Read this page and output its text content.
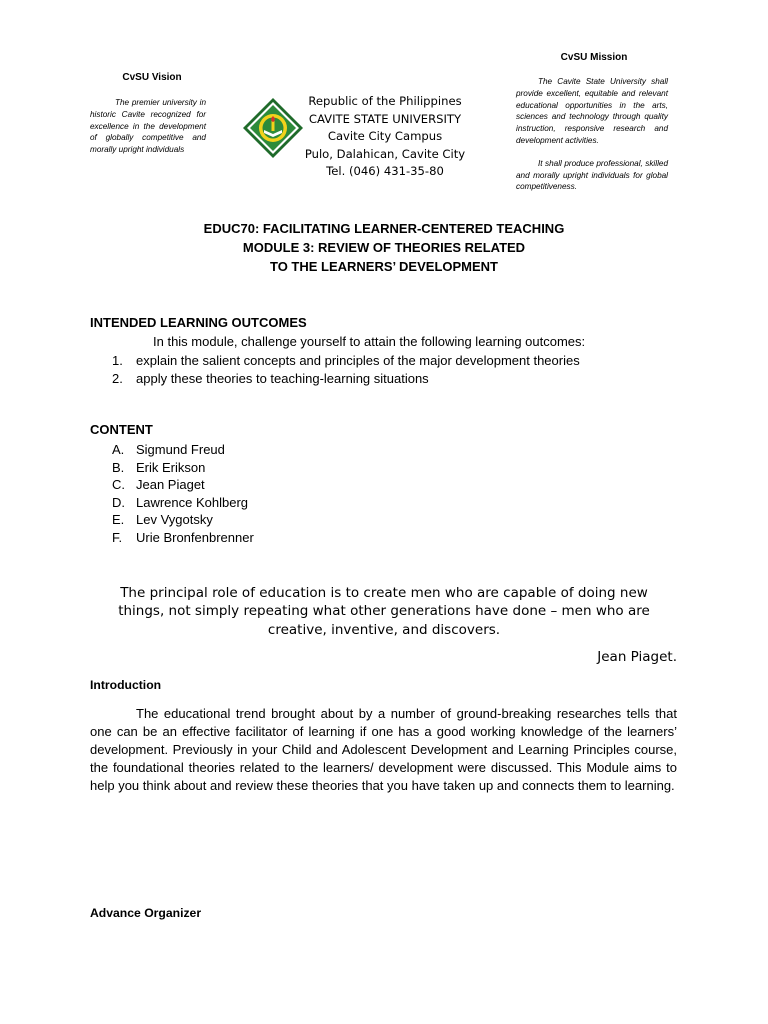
CvSU Vision
The premier university in historic Cavite recognized for excellence in the development of globally competitive and morally upright individuals
Republic of the Philippines
CAVITE STATE UNIVERSITY
Cavite City Campus
Pulo, Dalahican, Cavite City
Tel. (046) 431-35-80
CvSU Mission

The Cavite State University shall provide excellent, equitable and relevant educational opportunities in the arts, sciences and technology through quality instruction, responsive research and development activities.

It shall produce professional, skilled and morally upright individuals for global competitiveness.

EDUC70: FACILITATING LEARNER-CENTERED TEACHING
MODULE 3: REVIEW OF THEORIES RELATED
TO THE LEARNERS’ DEVELOPMENT
INTENDED LEARNING OUTCOMES
In this module, challenge yourself to attain the following learning outcomes:
1.	explain the salient concepts and principles of the major development theories
2.	apply these theories to teaching-learning situations
CONTENT
A. Sigmund Freud
B. Erik Erikson
C. Jean Piaget
D. Lawrence Kohlberg
E. Lev Vygotsky
F.	Urie Bronfenbrenner
The principal role of education is to create men who are capable of doing new things, not simply repeating what other generations have done – men who are creative, inventive, and discovers.
Jean Piaget.
Introduction

The educational trend brought about by a number of ground-breaking researches tells that one can be an effective facilitator of learning if one has a good working knowledge of the learners’ development. Previously in your Child and Adolescent Development and Learning Principles course, the foundational theories related to the learners/ development were discussed. This Module aims to help you think about and review these theories that you have taken up and connects them to learning.

Advance Organizer
